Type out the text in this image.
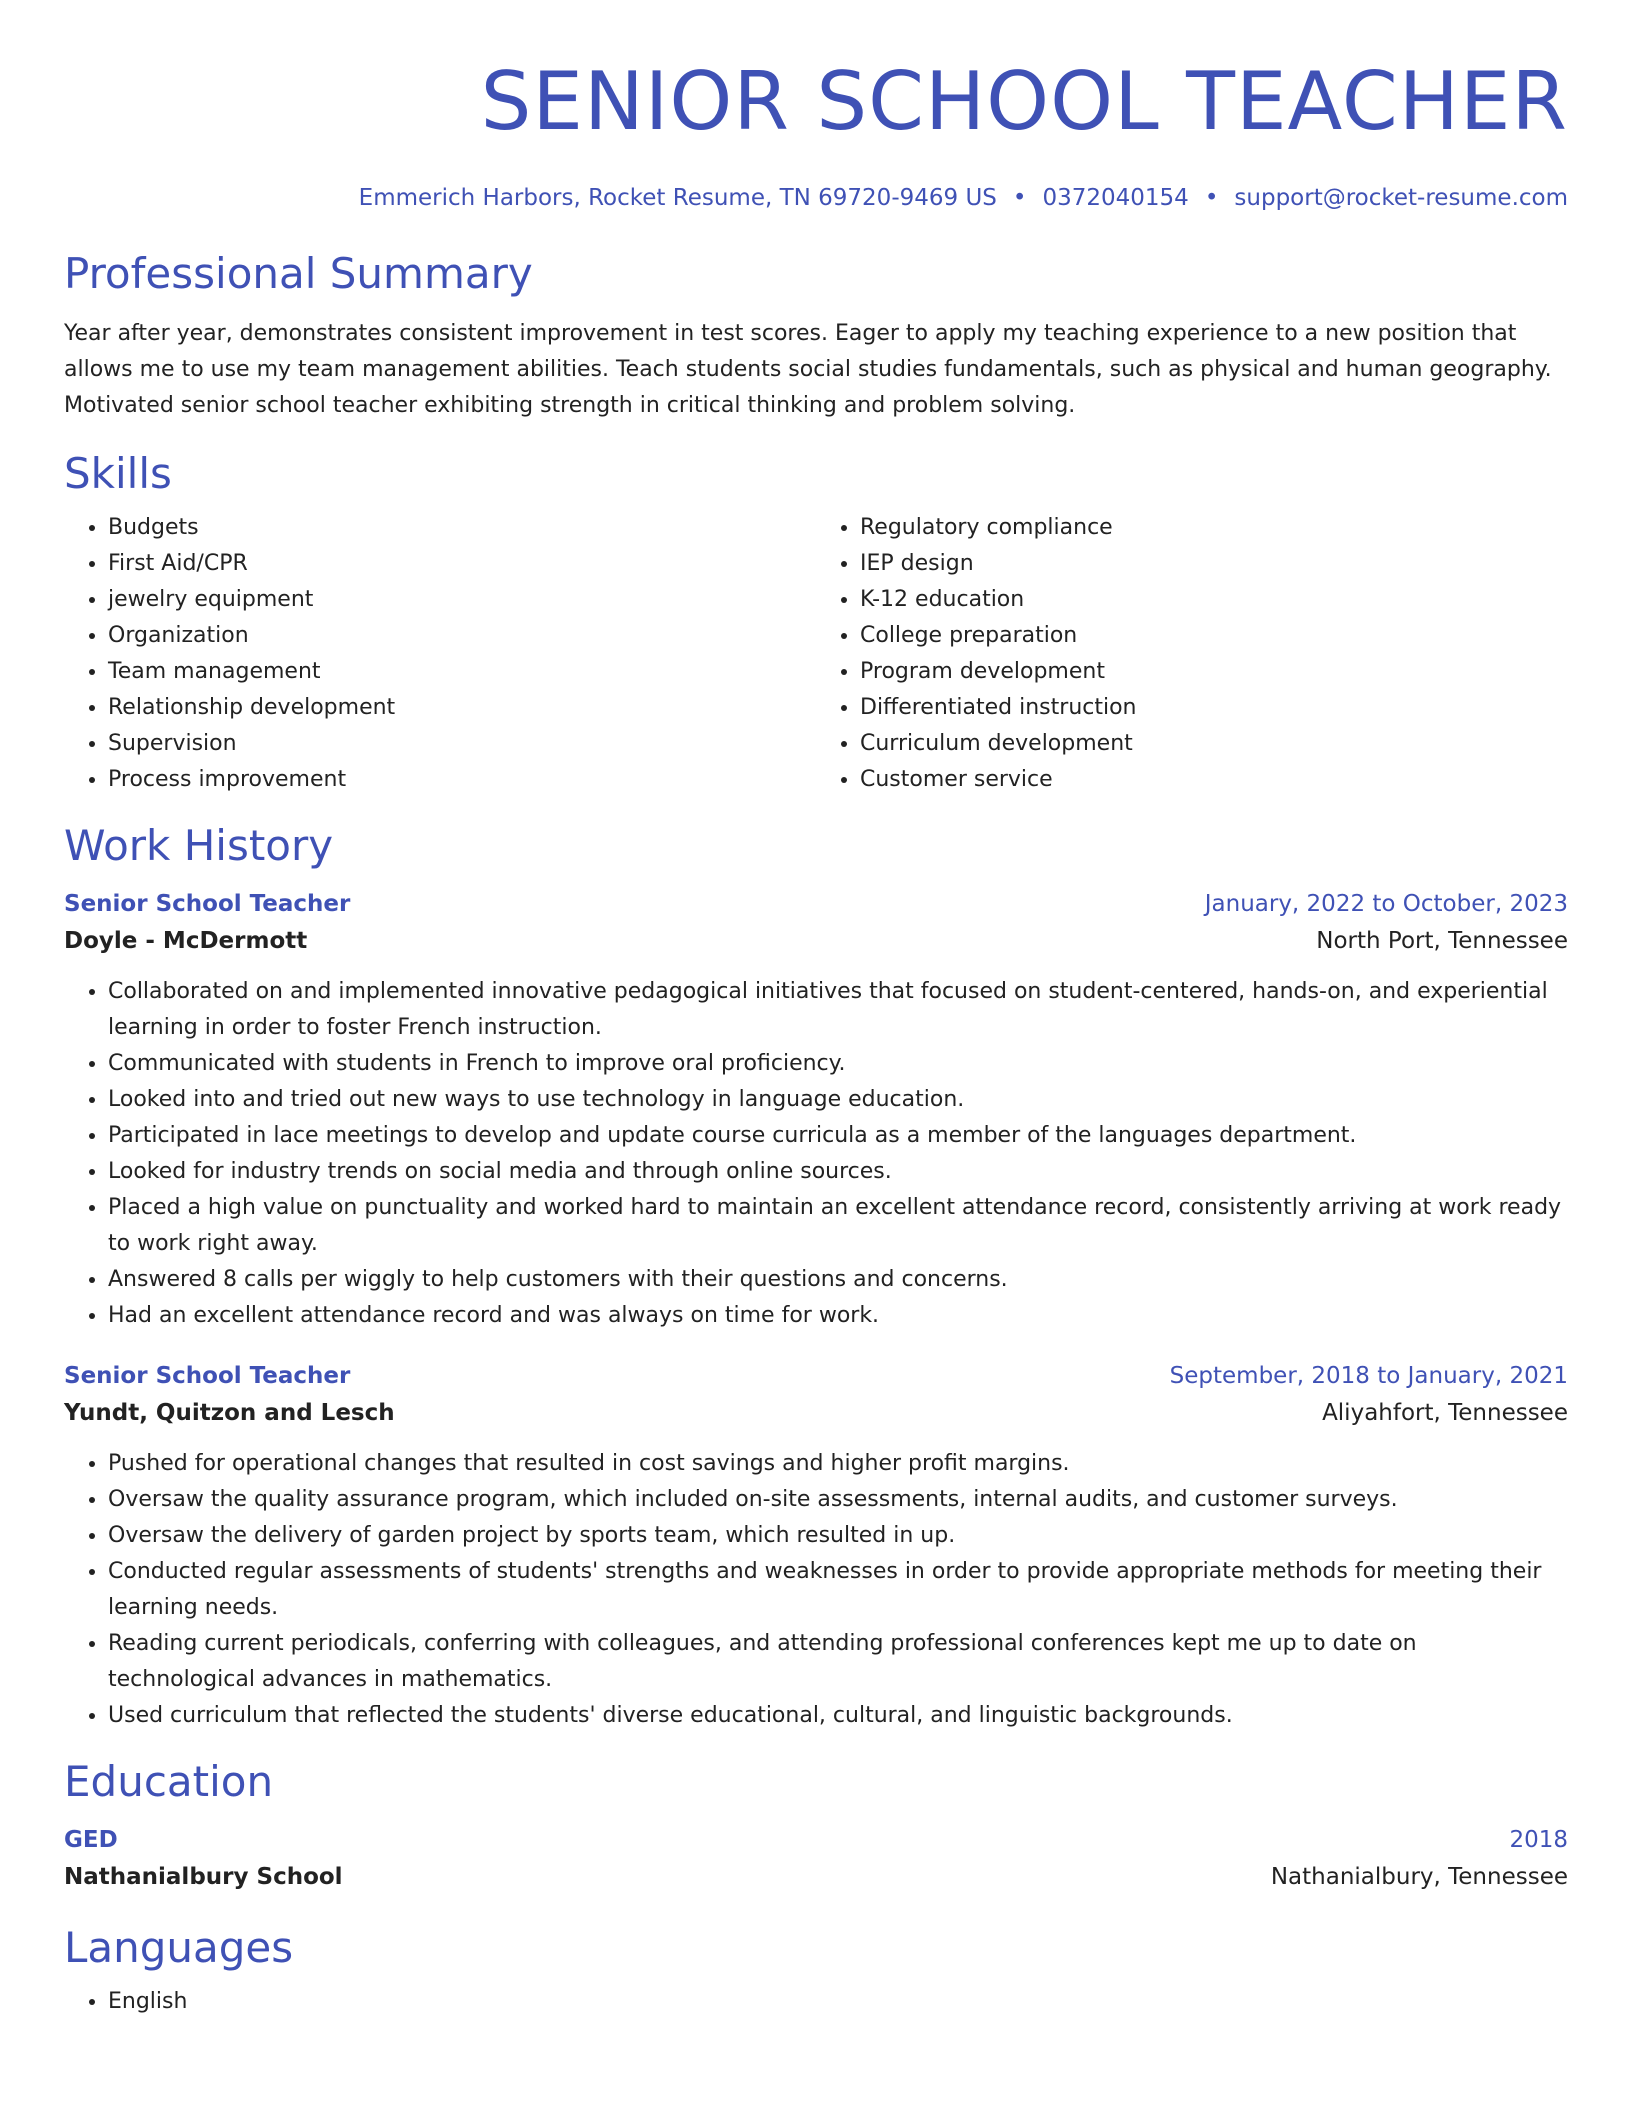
SENIOR SCHOOL TEACHER
Emmerich Harbors, Rocket Resume, TN 69720-9469 US • 0372040154 • support@rocket-resume.com
Professional Summary

Year after year, demonstrates consistent improvement in test scores. Eager to apply my teaching experience to a new position that allows me to use my team management abilities. Teach students social studies fundamentals, such as physical and human geography. Motivated senior school teacher exhibiting strength in critical thinking and problem solving.

Skills
• Budgets
• First Aid/CPR
• jewelry equipment
• Organization
• Team management
• Relationship development
• Supervision
• Process improvement
• Regulatory compliance
• IEP design
• K-12 education
• College preparation
• Program development
• Differentiated instruction
• Curriculum development
• Customer service
Work History
Senior School Teacher	January, 2022 to October, 2023
Doyle - McDermott	North Port, Tennessee
• Collaborated on and implemented innovative pedagogical initiatives that focused on student-centered, hands-on, and experiential learning in order to foster French instruction.
• Communicated with students in French to improve oral proficiency.
• Looked into and tried out new ways to use technology in language education.
• Participated in lace meetings to develop and update course curricula as a member of the languages department.
• Looked for industry trends on social media and through online sources.
• Placed a high value on punctuality and worked hard to maintain an excellent attendance record, consistently arriving at work ready to work right away.
• Answered 8 calls per wiggly to help customers with their questions and concerns.
• Had an excellent attendance record and was always on time for work.
Senior School Teacher	September, 2018 to January, 2021
Yundt, Quitzon and Lesch	Aliyahfort, Tennessee
• Pushed for operational changes that resulted in cost savings and higher profit margins.
• Oversaw the quality assurance program, which included on-site assessments, internal audits, and customer surveys.
• Oversaw the delivery of garden project by sports team, which resulted in up.
• Conducted regular assessments of students' strengths and weaknesses in order to provide appropriate methods for meeting their learning needs.
• Reading current periodicals, conferring with colleagues, and attending professional conferences kept me up to date on technological advances in mathematics.
• Used curriculum that reflected the students' diverse educational, cultural, and linguistic backgrounds.
Education
GED	2018
Nathanialbury School	Nathanialbury, Tennessee
Languages
• English
